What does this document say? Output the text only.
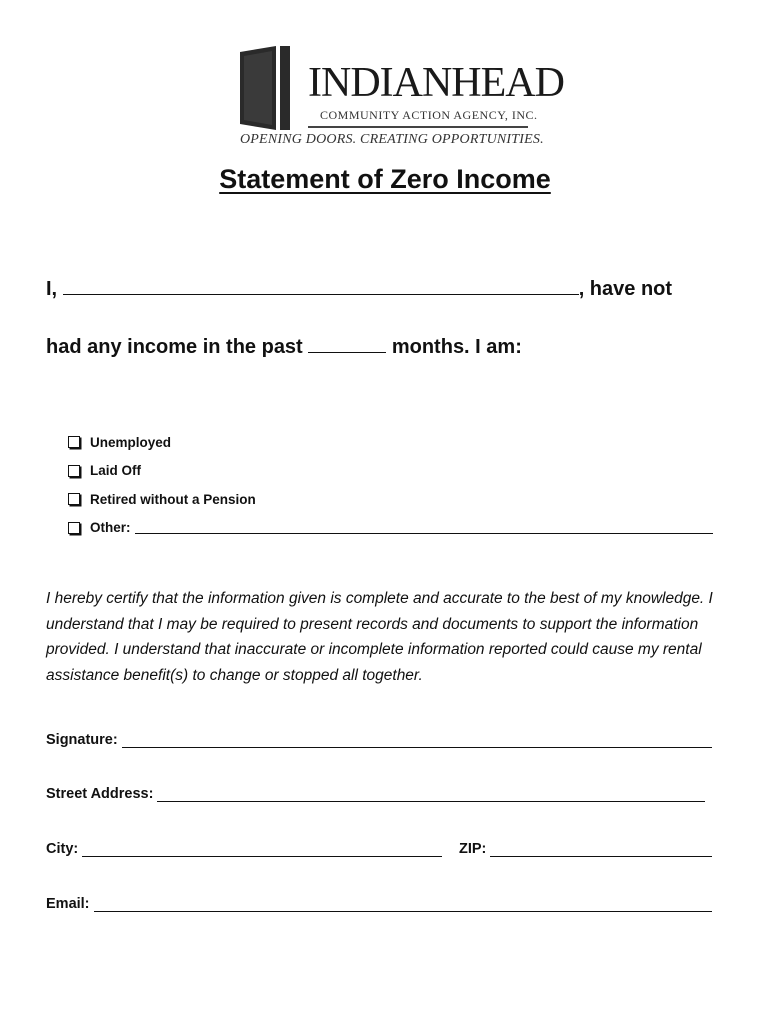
INDIANHEAD
COMMUNITY ACTION AGENCY, INC.
OPENING DOORS. CREATING OPPORTUNITIES.
Statement of Zero Income
I,	, have not
had any income in the past	months. I am:
Unemployed
Laid Off
Retired without a Pension
Other:
I hereby certify that the information given is complete and accurate to the best of my knowledge. I understand that I may be required to present records and documents to support the information provided. I understand that inaccurate or incomplete information reported could cause my rental assistance benefit(s) to change or stopped all together.
Signature:
Street Address:
City:	ZIP:
Email:
